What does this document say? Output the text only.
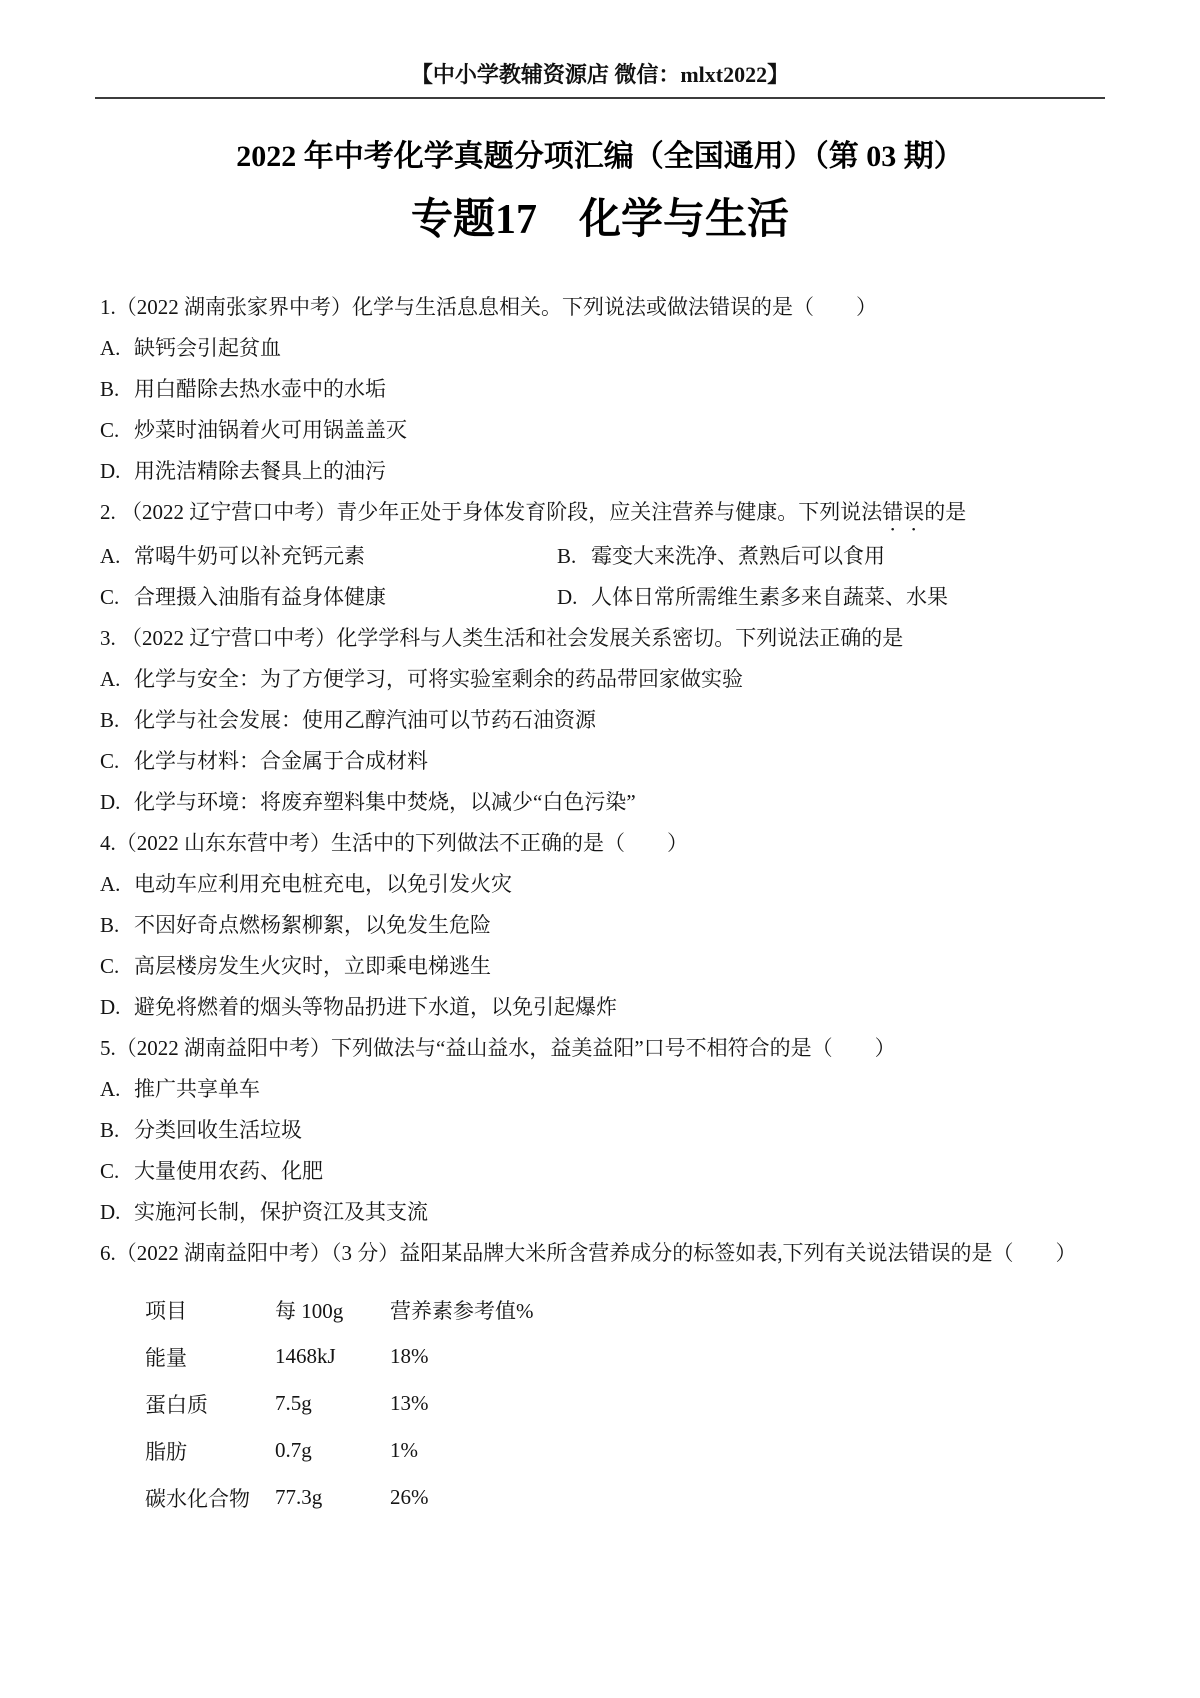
【中小学教辅资源店 微信：mlxt2022】
2022 年中考化学真题分项汇编（全国通用）（第 03 期）
专题17　化学与生活

1.（2022 湖南张家界中考）化学与生活息息相关。下列说法或做法错误的是（　　）

A. 缺钙会引起贫血

B. 用白醋除去热水壶中的水垢

C. 炒菜时油锅着火可用锅盖盖灭

D. 用洗洁精除去餐具上的油污

2. （2022 辽宁营口中考）青少年正处于身体发育阶段，应关注营养与健康。下列说法错误的是

A. 常喝牛奶可以补充钙元素	B. 霉变大来洗净、煮熟后可以食用

C. 合理摄入油脂有益身体健康	D. 人体日常所需维生素多来自蔬菜、水果

3. （2022 辽宁营口中考）化学学科与人类生活和社会发展关系密切。下列说法正确的是

A. 化学与安全：为了方便学习，可将实验室剩余的药品带回家做实验

B. 化学与社会发展：使用乙醇汽油可以节药石油资源

C. 化学与材料：合金属于合成材料

D. 化学与环境：将废弃塑料集中焚烧，以减少“白色污染”

4.（2022 山东东营中考）生活中的下列做法不正确的是（　　）

A. 电动车应利用充电桩充电，以免引发火灾

B. 不因好奇点燃杨絮柳絮，以免发生危险

C. 高层楼房发生火灾时，立即乘电梯逃生

D. 避免将燃着的烟头等物品扔进下水道，以免引起爆炸

5.（2022 湖南益阳中考）下列做法与“益山益水，益美益阳”口号不相符合的是（　　）

A. 推广共享单车

B. 分类回收生活垃圾

C. 大量使用农药、化肥

D. 实施河长制，保护资江及其支流

6.（2022 湖南益阳中考）（3 分）益阳某品牌大米所含营养成分的标签如表,下列有关说法错误的是（　　）

项目	每 100g	营养素参考值%
能量	1468kJ	18%
蛋白质	7.5g	13%
脂肪	0.7g	1%
碳水化合物	77.3g	26%
